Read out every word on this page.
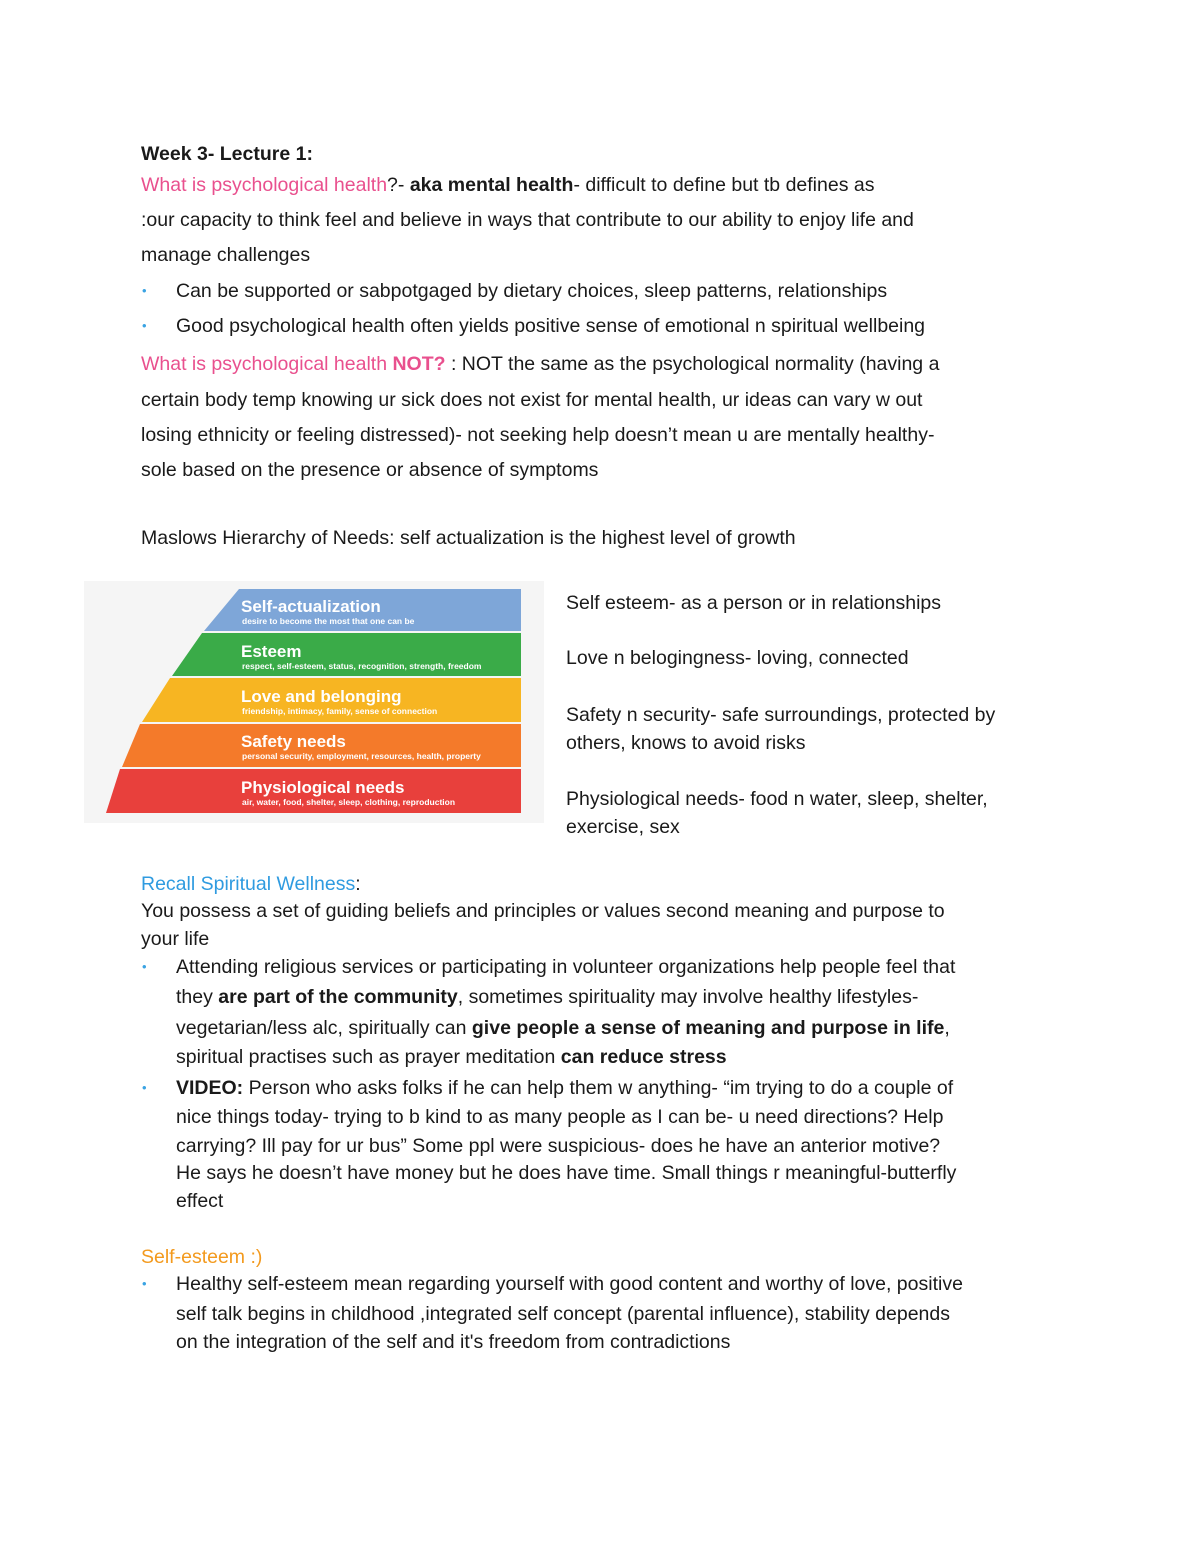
Week 3- Lecture 1:
What is psychological health?- aka mental health- difficult to define but tb defines as
:our capacity to think feel and believe in ways that contribute to our ability to enjoy life and
manage challenges
• Can be supported or sabpotgaged by dietary choices, sleep patterns, relationships
• Good psychological health often yields positive sense of emotional n spiritual wellbeing
What is psychological health NOT? : NOT the same as the psychological normality (having a
certain body temp knowing ur sick does not exist for mental health, ur ideas can vary w out
losing ethnicity or feeling distressed)- not seeking help doesn’t mean u are mentally healthy-
sole based on the presence or absence of symptoms
Maslows Hierarchy of Needs: self actualization is the highest level of growth
Self-actualization
desire to become the most that one can be
Esteem
respect, self-esteem, status, recognition, strength, freedom
Love and belonging
friendship, intimacy, family, sense of connection
Safety needs
personal security, employment, resources, health, property
Physiological needs
air, water, food, shelter, sleep, clothing, reproduction
Self esteem- as a person or in relationships
Love n belogingness- loving, connected
Safety n security- safe surroundings, protected by
others, knows to avoid risks
Physiological needs- food n water, sleep, shelter,
exercise, sex
Recall Spiritual Wellness:
You possess a set of guiding beliefs and principles or values second meaning and purpose to
your life
• Attending religious services or participating in volunteer organizations help people feel that
they are part of the community, sometimes spirituality may involve healthy lifestyles-
vegetarian/less alc, spiritually can give people a sense of meaning and purpose in life,
spiritual practises such as prayer meditation can reduce stress
• VIDEO: Person who asks folks if he can help them w anything- “im trying to do a couple of
nice things today- trying to b kind to as many people as I can be- u need directions? Help
carrying? Ill pay for ur bus” Some ppl were suspicious- does he have an anterior motive?
He says he doesn’t have money but he does have time. Small things r meaningful-butterfly
effect
Self-esteem :)
• Healthy self-esteem mean regarding yourself with good content and worthy of love, positive
self talk begins in childhood ,integrated self concept (parental influence), stability depends
on the integration of the self and it's freedom from contradictions
